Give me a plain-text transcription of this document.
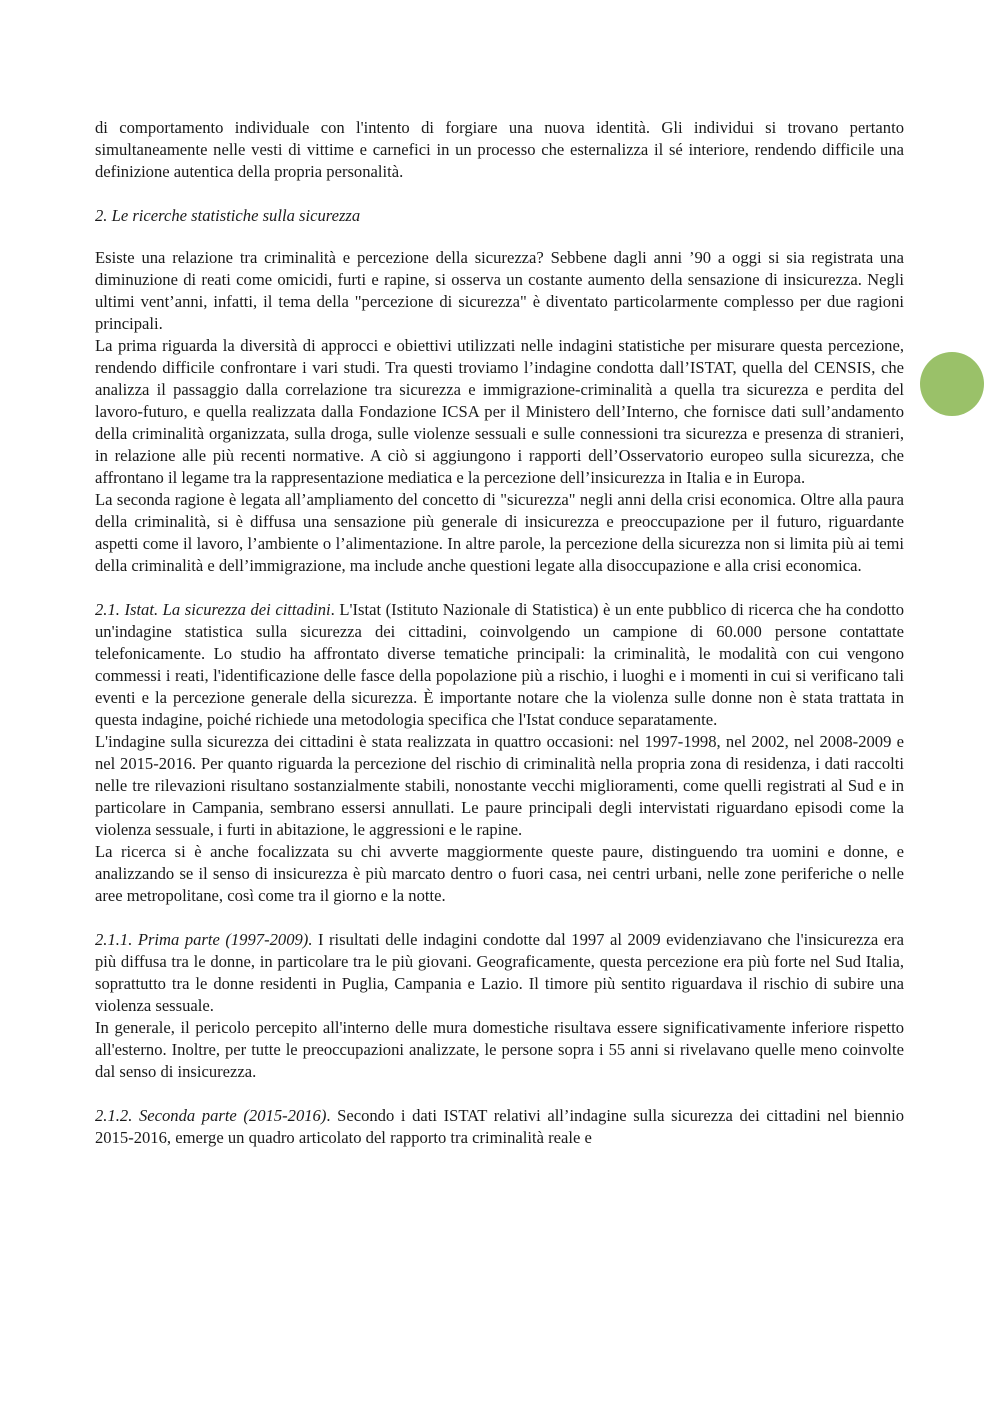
di comportamento individuale con l'intento di forgiare una nuova identità. Gli individui si trovano pertanto simultaneamente nelle vesti di vittime e carnefici in un processo che esternalizza il sé interiore, rendendo difficile una definizione autentica della propria personalità.

2. Le ricerche statistiche sulla sicurezza

Esiste una relazione tra criminalità e percezione della sicurezza? Sebbene dagli anni ’90 a oggi si sia registrata una diminuzione di reati come omicidi, furti e rapine, si osserva un costante aumento della sensazione di insicurezza. Negli ultimi vent’anni, infatti, il tema della "percezione di sicurezza" è diventato particolarmente complesso per due ragioni principali.

La prima riguarda la diversità di approcci e obiettivi utilizzati nelle indagini statistiche per misurare questa percezione, rendendo difficile confrontare i vari studi. Tra questi troviamo l’indagine condotta dall’ISTAT, quella del CENSIS, che analizza il passaggio dalla correlazione tra sicurezza e immigrazione-criminalità a quella tra sicurezza e perdita del lavoro-futuro, e quella realizzata dalla Fondazione ICSA per il Ministero dell’Interno, che fornisce dati sull’andamento della criminalità organizzata, sulla droga, sulle violenze sessuali e sulle connessioni tra sicurezza e presenza di stranieri, in relazione alle più recenti normative. A ciò si aggiungono i rapporti dell’Osservatorio europeo sulla sicurezza, che affrontano il legame tra la rappresentazione mediatica e la percezione dell’insicurezza in Italia e in Europa.

La seconda ragione è legata all’ampliamento del concetto di "sicurezza" negli anni della crisi economica. Oltre alla paura della criminalità, si è diffusa una sensazione più generale di insicurezza e preoccupazione per il futuro, riguardante aspetti come il lavoro, l’ambiente o l’alimentazione. In altre parole, la percezione della sicurezza non si limita più ai temi della criminalità e dell’immigrazione, ma include anche questioni legate alla disoccupazione e alla crisi economica.

2.1. Istat. La sicurezza dei cittadini. L'Istat (Istituto Nazionale di Statistica) è un ente pubblico di ricerca che ha condotto un'indagine statistica sulla sicurezza dei cittadini, coinvolgendo un campione di 60.000 persone contattate telefonicamente. Lo studio ha affrontato diverse tematiche principali: la criminalità, le modalità con cui vengono commessi i reati, l'identificazione delle fasce della popolazione più a rischio, i luoghi e i momenti in cui si verificano tali eventi e la percezione generale della sicurezza. È importante notare che la violenza sulle donne non è stata trattata in questa indagine, poiché richiede una metodologia specifica che l'Istat conduce separatamente.

L'indagine sulla sicurezza dei cittadini è stata realizzata in quattro occasioni: nel 1997-1998, nel 2002, nel 2008-2009 e nel 2015-2016. Per quanto riguarda la percezione del rischio di criminalità nella propria zona di residenza, i dati raccolti nelle tre rilevazioni risultano sostanzialmente stabili, nonostante vecchi miglioramenti, come quelli registrati al Sud e in particolare in Campania, sembrano essersi annullati. Le paure principali degli intervistati riguardano episodi come la violenza sessuale, i furti in abitazione, le aggressioni e le rapine.

La ricerca si è anche focalizzata su chi avverte maggiormente queste paure, distinguendo tra uomini e donne, e analizzando se il senso di insicurezza è più marcato dentro o fuori casa, nei centri urbani, nelle zone periferiche o nelle aree metropolitane, così come tra il giorno e la notte.

2.1.1. Prima parte (1997-2009). I risultati delle indagini condotte dal 1997 al 2009 evidenziavano che l'insicurezza era più diffusa tra le donne, in particolare tra le più giovani. Geograficamente, questa percezione era più forte nel Sud Italia, soprattutto tra le donne residenti in Puglia, Campania e Lazio. Il timore più sentito riguardava il rischio di subire una violenza sessuale.

In generale, il pericolo percepito all'interno delle mura domestiche risultava essere significativamente inferiore rispetto all'esterno. Inoltre, per tutte le preoccupazioni analizzate, le persone sopra i 55 anni si rivelavano quelle meno coinvolte dal senso di insicurezza.

2.1.2. Seconda parte (2015-2016). Secondo i dati ISTAT relativi all’indagine sulla sicurezza dei cittadini nel biennio 2015-2016, emerge un quadro articolato del rapporto tra criminalità reale e
